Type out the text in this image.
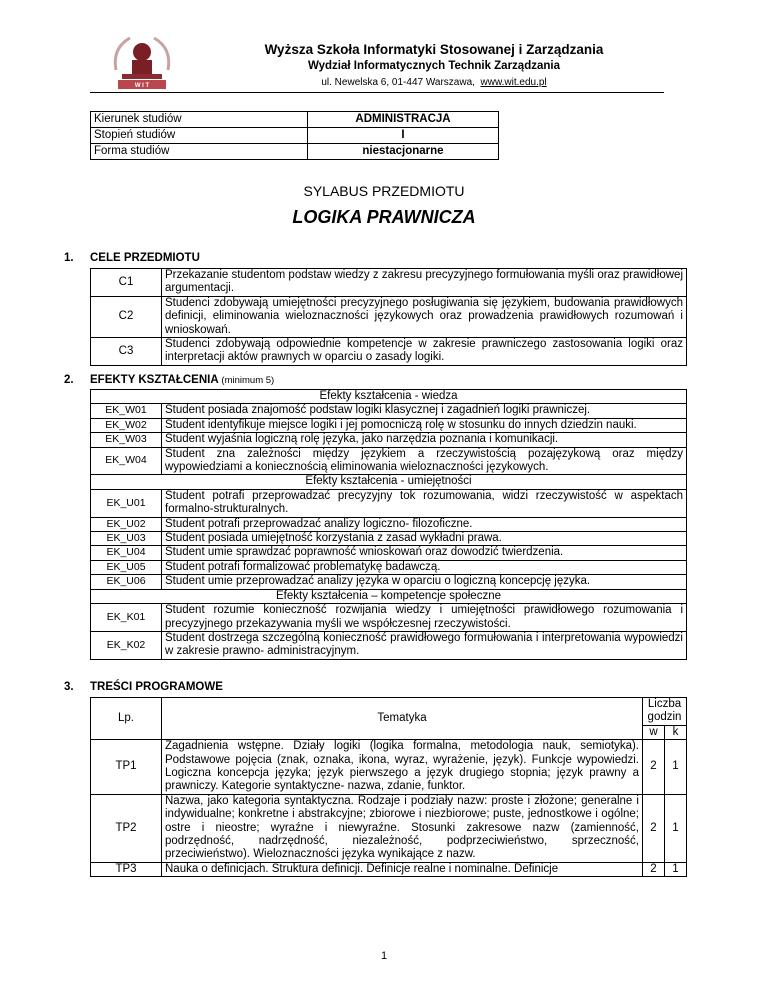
W I T
Wyższa Szkoła Informatyki Stosowanej i Zarządzania
Wydział Informatycznych Technik Zarządzania
ul. Newelska 6, 01-447 Warszawa, www.wit.edu.pl
Kierunek studiów	ADMINISTRACJA
Stopień studiów	I
Forma studiów	niestacjonarne
SYLABUS PRZEDMIOTU
LOGIKA PRAWNICZA
1. CELE PRZEDMIOTU
C1	Przekazanie studentom podstaw wiedzy z zakresu precyzyjnego formułowania myśli oraz prawidłowej argumentacji.
C2	Studenci zdobywają umiejętności precyzyjnego posługiwania się językiem, budowania prawidłowych definicji, eliminowania wieloznaczności językowych oraz prowadzenia prawidłowych rozumowań i wnioskowań.
C3	Studenci zdobywają odpowiednie kompetencje w zakresie prawniczego zastosowania logiki oraz interpretacji aktów prawnych w oparciu o zasady logiki.
2. EFEKTY KSZTAŁCENIA (minimum 5)
Efekty kształcenia - wiedza	
EK_W01	Student posiada znajomość podstaw logiki klasycznej i zagadnień logiki prawniczej.
EK_W02	Student identyfikuje miejsce logiki i jej pomocniczą rolę w stosunku do innych dziedzin nauki.
EK_W03	Student wyjaśnia logiczną rolę języka, jako narzędzia poznania i komunikacji.
EK_W04	Student zna zależności między językiem a rzeczywistością pozajęzykową oraz między wypowiedziami a koniecznością eliminowania wieloznaczności językowych.
Efekty kształcenia - umiejętności	
EK_U01	Student potrafi przeprowadzać precyzyjny tok rozumowania, widzi rzeczywistość w aspektach formalno-strukturalnych.
EK_U02	Student potrafi przeprowadzać analizy logiczno- filozoficzne.
EK_U03	Student posiada umiejętność korzystania z zasad wykładni prawa.
EK_U04	Student umie sprawdzać poprawność wnioskowań oraz dowodzić twierdzenia.
EK_U05	Student potrafi formalizować problematykę badawczą.
EK_U06	Student umie przeprowadzać analizy języka w oparciu o logiczną koncepcję języka.
Efekty kształcenia – kompetencje społeczne	
EK_K01	Student rozumie konieczność rozwijania wiedzy i umiejętności prawidłowego rozumowania i precyzyjnego przekazywania myśli we współczesnej rzeczywistości.
EK_K02	Student dostrzega szczególną konieczność prawidłowego formułowania i interpretowania wypowiedzi w zakresie prawno- administracyjnym.
3. TREŚCI PROGRAMOWE
Lp.	Tematyka	Liczba godzin	
		w	k
TP1	Zagadnienia wstępne. Działy logiki (logika formalna, metodologia nauk, semiotyka). Podstawowe pojęcia (znak, oznaka, ikona, wyraz, wyrażenie, język). Funkcje wypowiedzi. Logiczna koncepcja języka; język pierwszego a język drugiego stopnia; język prawny a prawniczy. Kategorie syntaktyczne- nazwa, zdanie, funktor.	2	1
TP2	Nazwa, jako kategoria syntaktyczna. Rodzaje i podziały nazw: proste i złożone; generalne i indywidualne; konkretne i abstrakcyjne; zbiorowe i niezbiorowe; puste, jednostkowe i ogólne; ostre i nieostre; wyraźne i niewyraźne. Stosunki zakresowe nazw (zamienność, podrzędność, nadrzędność, niezależność, podprzeciwieństwo, sprzeczność, przeciwieństwo). Wieloznaczności języka wynikające z nazw.	2	1
TP3	Nauka o definicjach. Struktura definicji. Definicje realne i nominalne. Definicje	2	1
1
